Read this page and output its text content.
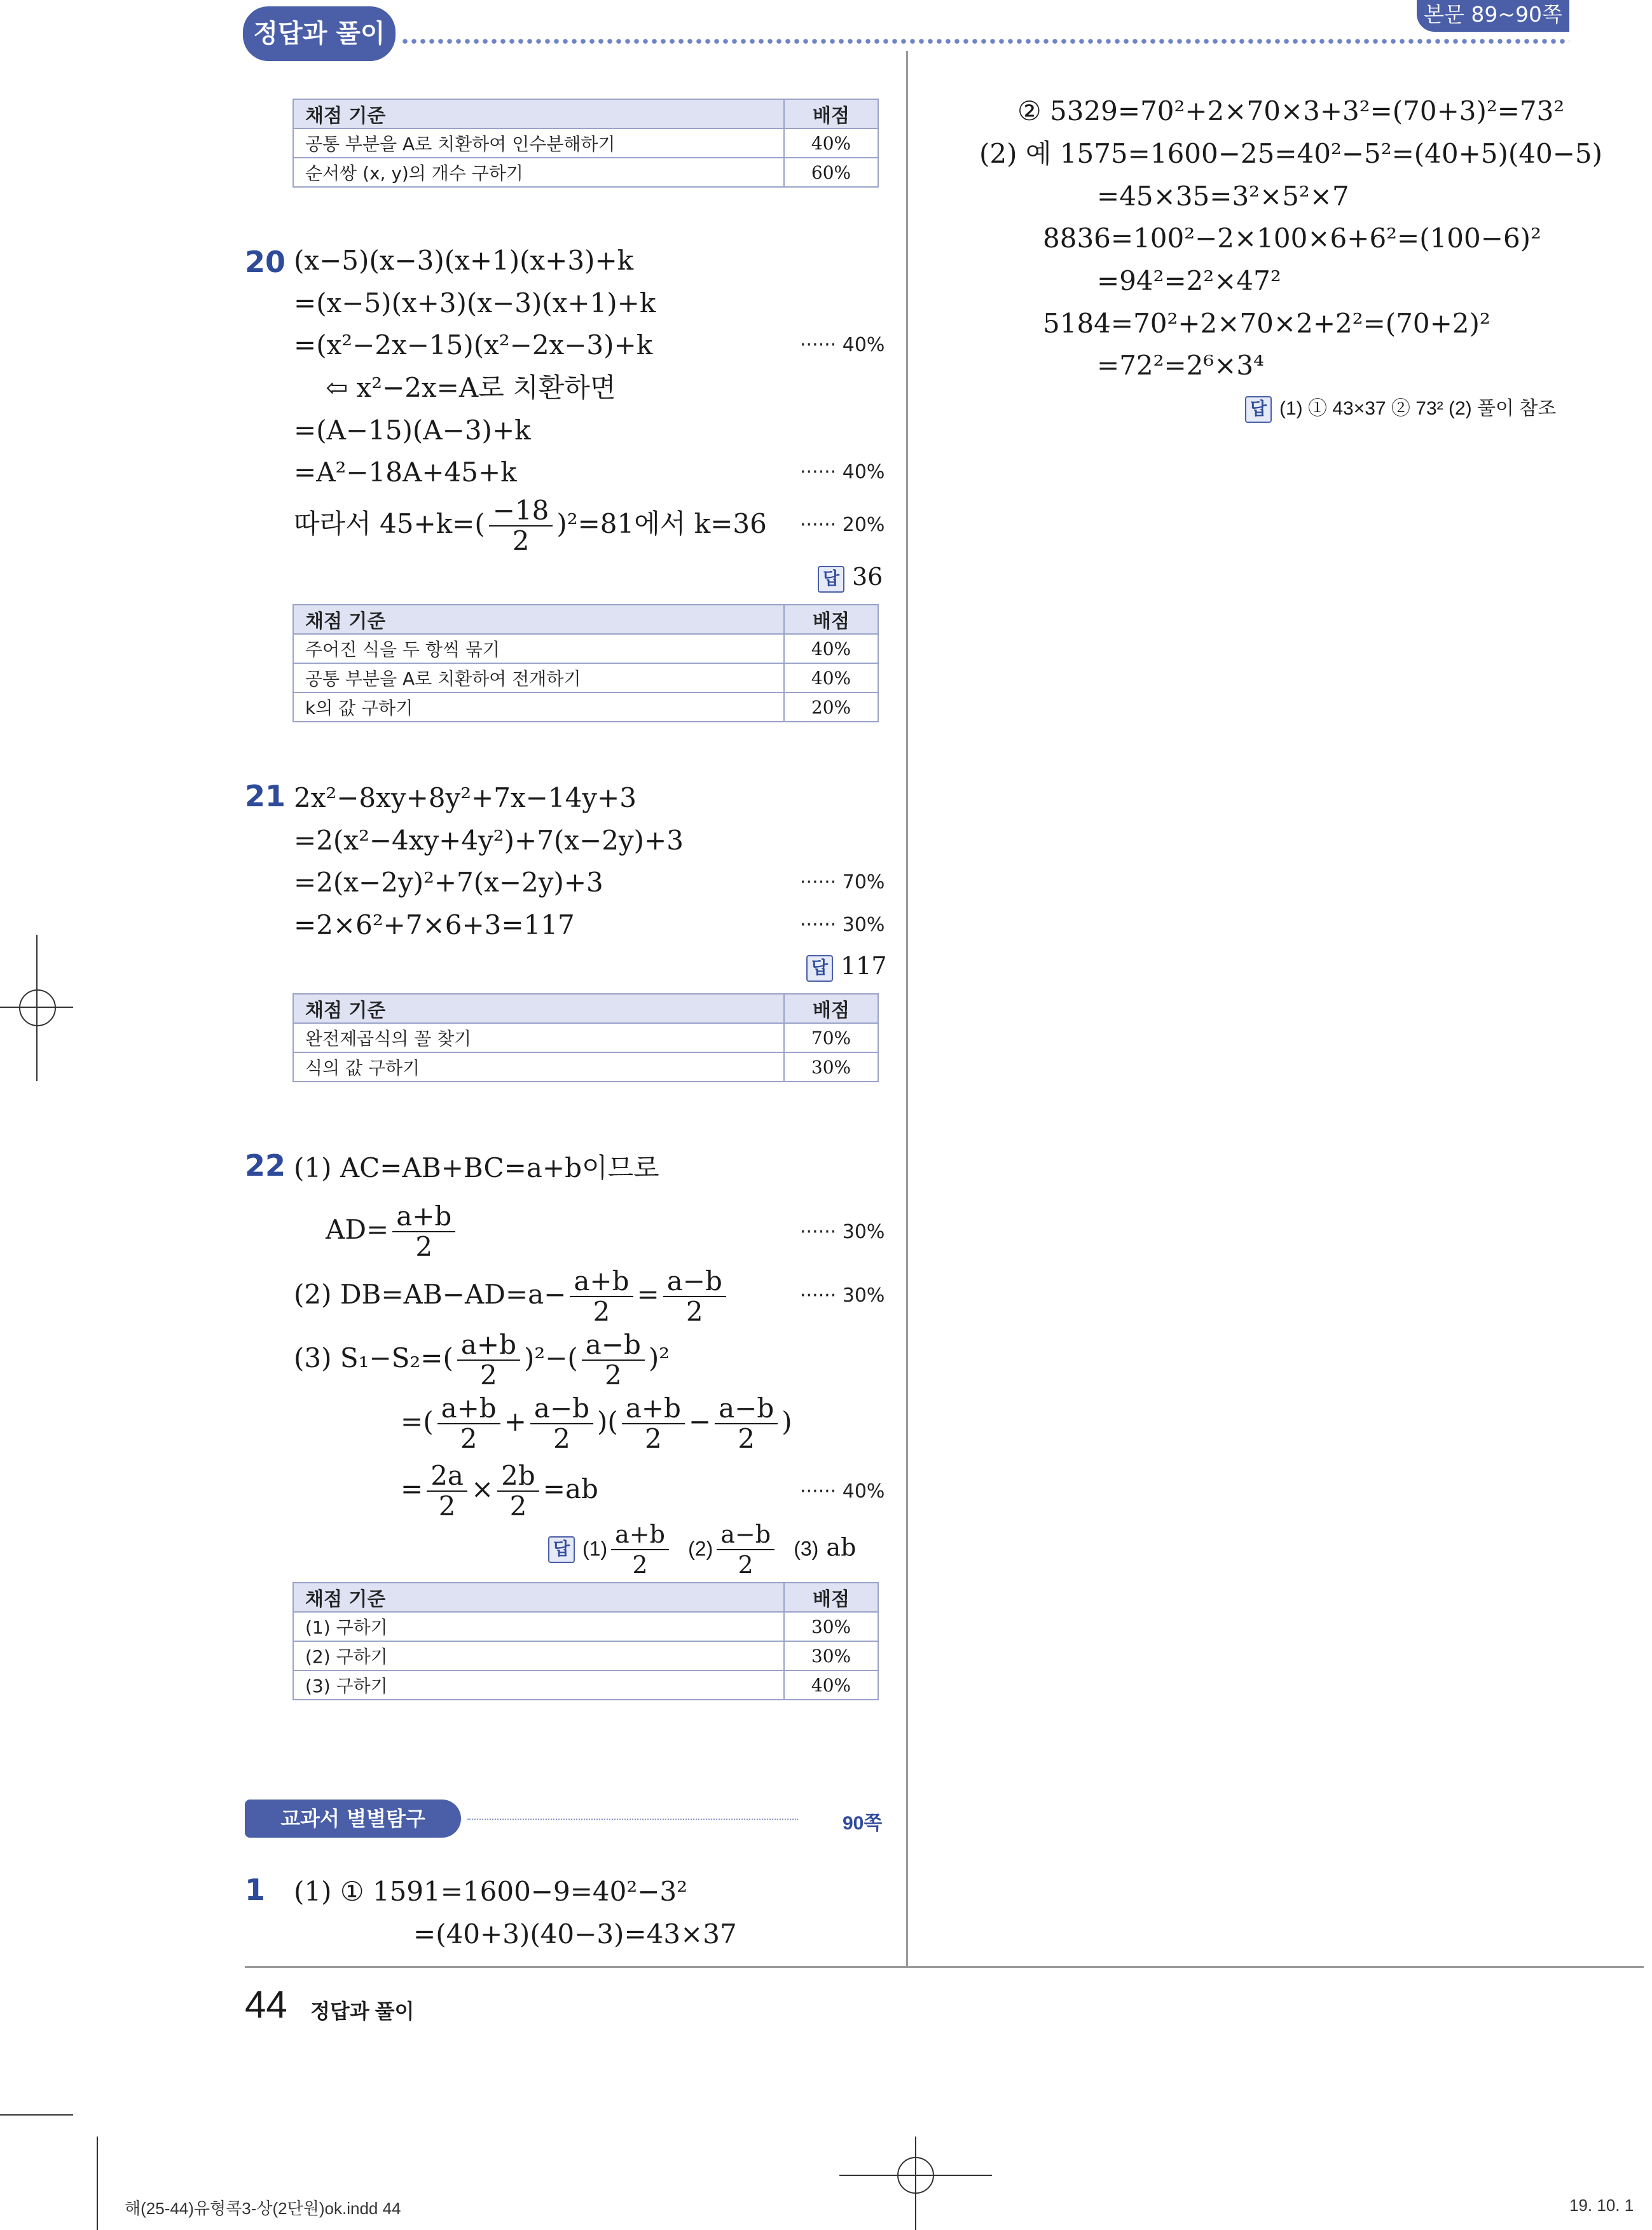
정답과 풀이
본문 89~90쪽
채점 기준	배점
공통 부분을 A로 치환하여 인수분해하기	40%
순서쌍 (x, y)의 개수 구하기	60%
20 (x−5)(x−3)(x+1)(x+3)+k
=(x−5)(x+3)(x−3)(x+1)+k
=(x²−2x−15)(x²−2x−3)+k	······ 40%
⇦ x²−2x=A로 치환하면
=(A−15)(A−3)+k
=A²−18A+45+k	······ 40%
따라서 $45+k=( \frac{-18}{2} )^2=81$에서 k=36 ······ 20%
답 36
채점 기준	배점
주어진 식을 두 항씩 묶기	40%
공통 부분을 A로 치환하여 전개하기	40%
k의 값 구하기	20%
21 2x²−8xy+8y²+7x−14y+3
=2(x²−4xy+4y²)+7(x−2y)+3
=2(x−2y)²+7(x−2y)+3	······ 70%
=2×6²+7×6+3=117	······ 30%
답 117
채점 기준	배점
완전제곱식의 꼴 찾기	70%
식의 값 구하기	30%
22 (1) AC=AB+BC=a+b이므로
$AD= \frac{a+b}{2}$	······ 30%
(2) $DB=AB-AD=a- \frac{a+b}{2} = \frac{a-b}{2}$	······ 30%
(3) $S_1-S_2=( \frac{a+b}{2} )^2-( \frac{a-b}{2} )^2$
=( $\frac{a+b}{2} + \frac{a-b}{2}$ )( $\frac{a+b}{2} - \frac{a-b}{2}$ )
= $\frac{2a}{2} \times \frac{2b}{2} =ab$	······ 40%
답 $(1) \frac{a+b}{2} (2) \frac{a-b}{2} (3)$ ab
채점 기준	배점
(1) 구하기	30%
(2) 구하기	30%
(3) 구하기	40%
교과서 별별탐구	90쪽
1 (1) ① 1591=1600−9=40²−3²
=(40+3)(40−3)=43×37
② 5329=70²+2×70×3+3²=(70+3)²=73²
(2) 예 1575=1600−25=40²−5²=(40+5)(40−5)
=45×35=3²×5²×7
8836=100²−2×100×6+6²=(100−6)²
=94²=2²×47²
5184=70²+2×70×2+2²=(70+2)²
=72²=2⁶×3⁴
답 (1) ① 43×37 ② 73² (2) 풀이 참조
44 정답과 풀이
해(25-44)유형콕3-상(2단원)ok.indd 44	19. 10. 1
